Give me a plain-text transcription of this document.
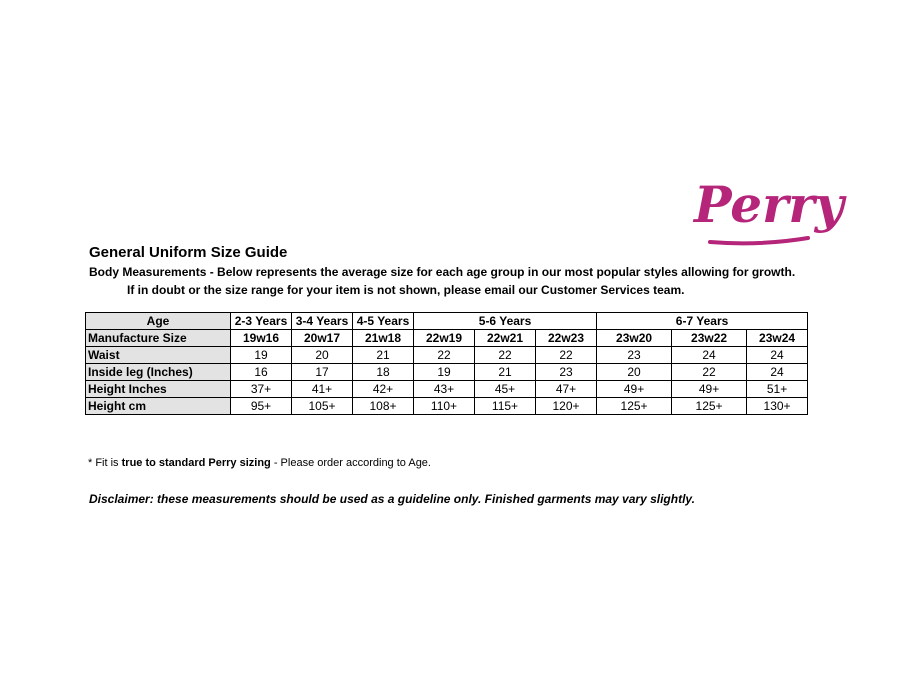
Perry
General Uniform Size Guide
Body Measurements - Below represents the average size for each age group in our most popular styles allowing for growth.
If in doubt or the size range for your item is not shown, please email our Customer Services team.
Age	2-3 Years	3-4 Years	4-5 Years	5-6 Years			6-7 Years		
Manufacture Size	19w16	20w17	21w18	22w19	22w21	22w23	23w20	23w22	23w24
Waist	19	20	21	22	22	22	23	24	24
Inside leg (Inches)	16	17	18	19	21	23	20	22	24
Height Inches	37+	41+	42+	43+	45+	47+	49+	49+	51+
Height cm	95+	105+	108+	110+	115+	120+	125+	125+	130+
* Fit is true to standard Perry sizing - Please order according to Age.
Disclaimer: these measurements should be used as a guideline only. Finished garments may vary slightly.
